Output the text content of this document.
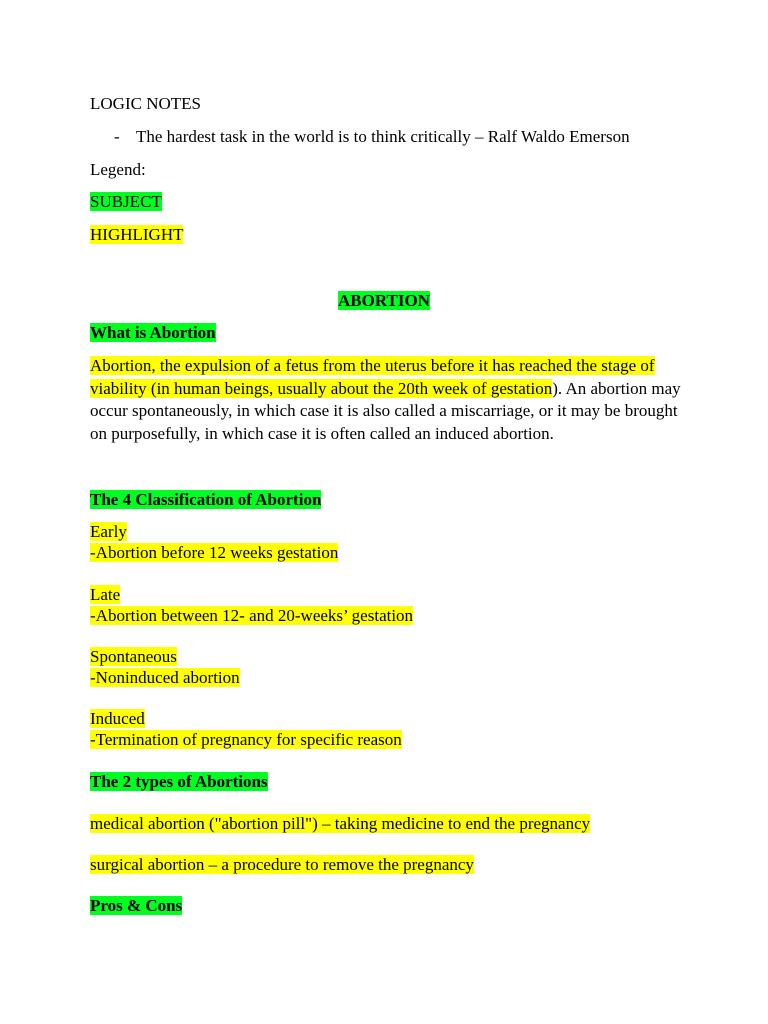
LOGIC NOTES
- The hardest task in the world is to think critically – Ralf Waldo Emerson
Legend:
SUBJECT
HIGHLIGHT
ABORTION
What is Abortion
Abortion, the expulsion of a fetus from the uterus before it has reached the stage of viability (in human beings, usually about the 20th week of gestation). An abortion may occur spontaneously, in which case it is also called a miscarriage, or it may be brought on purposefully, in which case it is often called an induced abortion.
The 4 Classification of Abortion
Early
-Abortion before 12 weeks gestation
Late
-Abortion between 12- and 20-weeks’ gestation
Spontaneous
-Noninduced abortion
Induced
-Termination of pregnancy for specific reason
The 2 types of Abortions
medical abortion ("abortion pill") – taking medicine to end the pregnancy
surgical abortion – a procedure to remove the pregnancy
Pros & Cons
